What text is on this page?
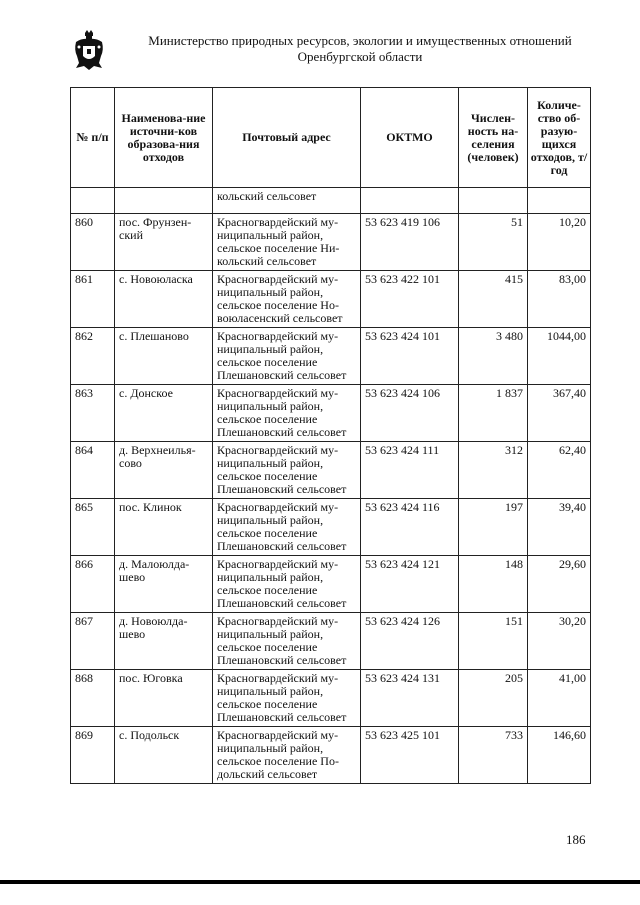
Министерство природных ресурсов, экологии и имущественных отношений
Оренбургской области
№ п/п	Наименова-ние источни-ков образова-ния отходов	Почтовый адрес	ОКТМО	Числен-ность на-селения (человек)	Количе-ство об-разую-щихся отходов, т/год
		кольский сельсовет			
860	пос. Фрунзен-ский	Красногвардейский му-ниципальный район, сельское поселение Ни-кольский сельсовет	53 623 419 106	51	10,20
861	с. Новоюласка	Красногвардейский му-ниципальный район, сельское поселение Но-воюласенский сельсовет	53 623 422 101	415	83,00
862	с. Плешаново	Красногвардейский му-ниципальный район, сельское поселение Плешановский сельсовет	53 623 424 101	3 480	1044,00
863	с. Донское	Красногвардейский му-ниципальный район, сельское поселение Плешановский сельсовет	53 623 424 106	1 837	367,40
864	д. Верхнеилья-сово	Красногвардейский му-ниципальный район, сельское поселение Плешановский сельсовет	53 623 424 111	312	62,40
865	пос. Клинок	Красногвардейский му-ниципальный район, сельское поселение Плешановский сельсовет	53 623 424 116	197	39,40
866	д. Малоюлда-шево	Красногвардейский му-ниципальный район, сельское поселение Плешановский сельсовет	53 623 424 121	148	29,60
867	д. Новоюлда-шево	Красногвардейский му-ниципальный район, сельское поселение Плешановский сельсовет	53 623 424 126	151	30,20
868	пос. Юговка	Красногвардейский му-ниципальный район, сельское поселение Плешановский сельсовет	53 623 424 131	205	41,00
869	с. Подольск	Красногвардейский му-ниципальный район, сельское поселение По-дольский сельсовет	53 623 425 101	733	146,60
186
